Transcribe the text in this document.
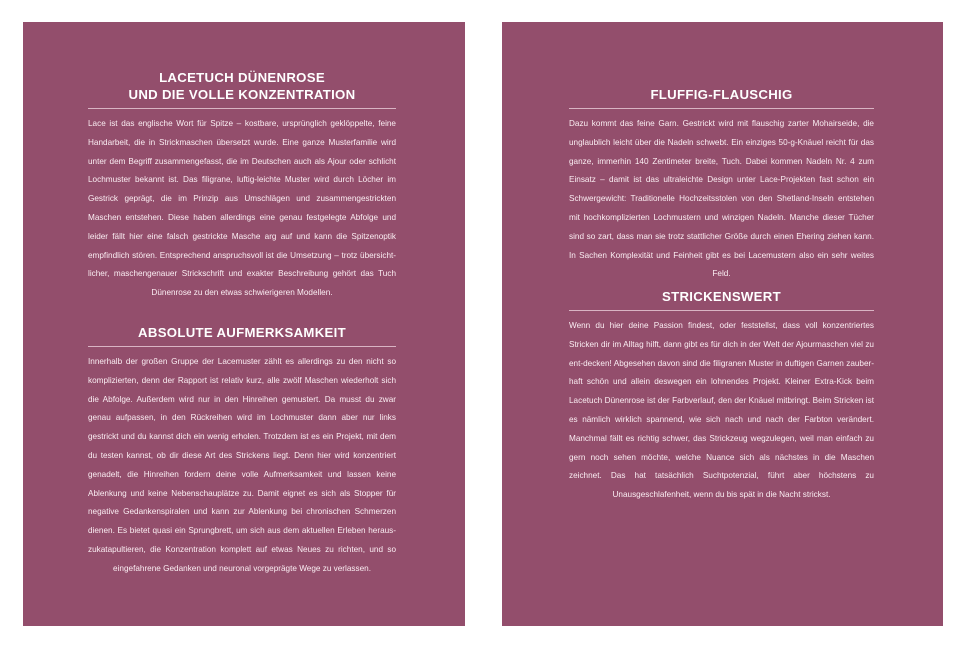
LACETUCH DÜNENROSE
UND DIE VOLLE KONZENTRATION

Lace ist das englische Wort für Spitze – kostbare, ursprünglich geklöppelte, feine Handarbeit, die in Strickmaschen übersetzt wurde. Eine ganze Musterfamilie wird unter dem Begriff zusammengefasst, die im Deutschen auch als Ajour oder schlicht Lochmuster bekannt ist. Das filigrane, luftig-leichte Muster wird durch Löcher im Gestrick geprägt, die im Prinzip aus Umschlägen und zusammengestrickten Maschen entstehen. Diese haben allerdings eine genau festgelegte Abfolge und leider fällt hier eine falsch gestrickte Masche arg auf und kann die Spitzenoptik empfindlich stören. Entsprechend anspruchsvoll ist die Umsetzung – trotz übersicht-licher, maschengenauer Strickschrift und exakter Beschreibung gehört das Tuch Dünenrose zu den etwas schwierigeren Modellen.

ABSOLUTE AUFMERKSAMKEIT

Innerhalb der großen Gruppe der Lacemuster zählt es allerdings zu den nicht so komplizierten, denn der Rapport ist relativ kurz, alle zwölf Maschen wiederholt sich die Abfolge. Außerdem wird nur in den Hinreihen gemustert. Da musst du zwar genau aufpassen, in den Rückreihen wird im Lochmuster dann aber nur links gestrickt und du kannst dich ein wenig erholen. Trotzdem ist es ein Projekt, mit dem du testen kannst, ob dir diese Art des Strickens liegt. Denn hier wird konzentriert genadelt, die Hinreihen fordern deine volle Aufmerksamkeit und lassen keine Ablenkung und keine Nebenschauplätze zu. Damit eignet es sich als Stopper für negative Gedankenspiralen und kann zur Ablenkung bei chronischen Schmerzen dienen. Es bietet quasi ein Sprungbrett, um sich aus dem aktuellen Erleben heraus-zukatapultieren, die Konzentration komplett auf etwas Neues zu richten, und so eingefahrene Gedanken und neuronal vorgeprägte Wege zu verlassen.

FLUFFIG-FLAUSCHIG

Dazu kommt das feine Garn. Gestrickt wird mit flauschig zarter Mohairseide, die unglaublich leicht über die Nadeln schwebt. Ein einziges 50-g-Knäuel reicht für das ganze, immerhin 140 Zentimeter breite, Tuch. Dabei kommen Nadeln Nr. 4 zum Einsatz – damit ist das ultraleichte Design unter Lace-Projekten fast schon ein Schwergewicht: Traditionelle Hochzeitsstolen von den Shetland-Inseln entstehen mit hochkomplizierten Lochmustern und winzigen Nadeln. Manche dieser Tücher sind so zart, dass man sie trotz stattlicher Größe durch einen Ehering ziehen kann. In Sachen Komplexität und Feinheit gibt es bei Lacemustern also ein sehr weites Feld.

STRICKENSWERT

Wenn du hier deine Passion findest, oder feststellst, dass voll konzentriertes Stricken dir im Alltag hilft, dann gibt es für dich in der Welt der Ajourmaschen viel zu ent-decken! Abgesehen davon sind die filigranen Muster in duftigen Garnen zauber-haft schön und allein deswegen ein lohnendes Projekt. Kleiner Extra-Kick beim Lacetuch Dünenrose ist der Farbverlauf, den der Knäuel mitbringt. Beim Stricken ist es nämlich wirklich spannend, wie sich nach und nach der Farbton verändert. Manchmal fällt es richtig schwer, das Strickzeug wegzulegen, weil man einfach zu gern noch sehen möchte, welche Nuance sich als nächstes in die Maschen zeichnet. Das hat tatsächlich Suchtpotenzial, führt aber höchstens zu Unausgeschlafenheit, wenn du bis spät in die Nacht strickst.
